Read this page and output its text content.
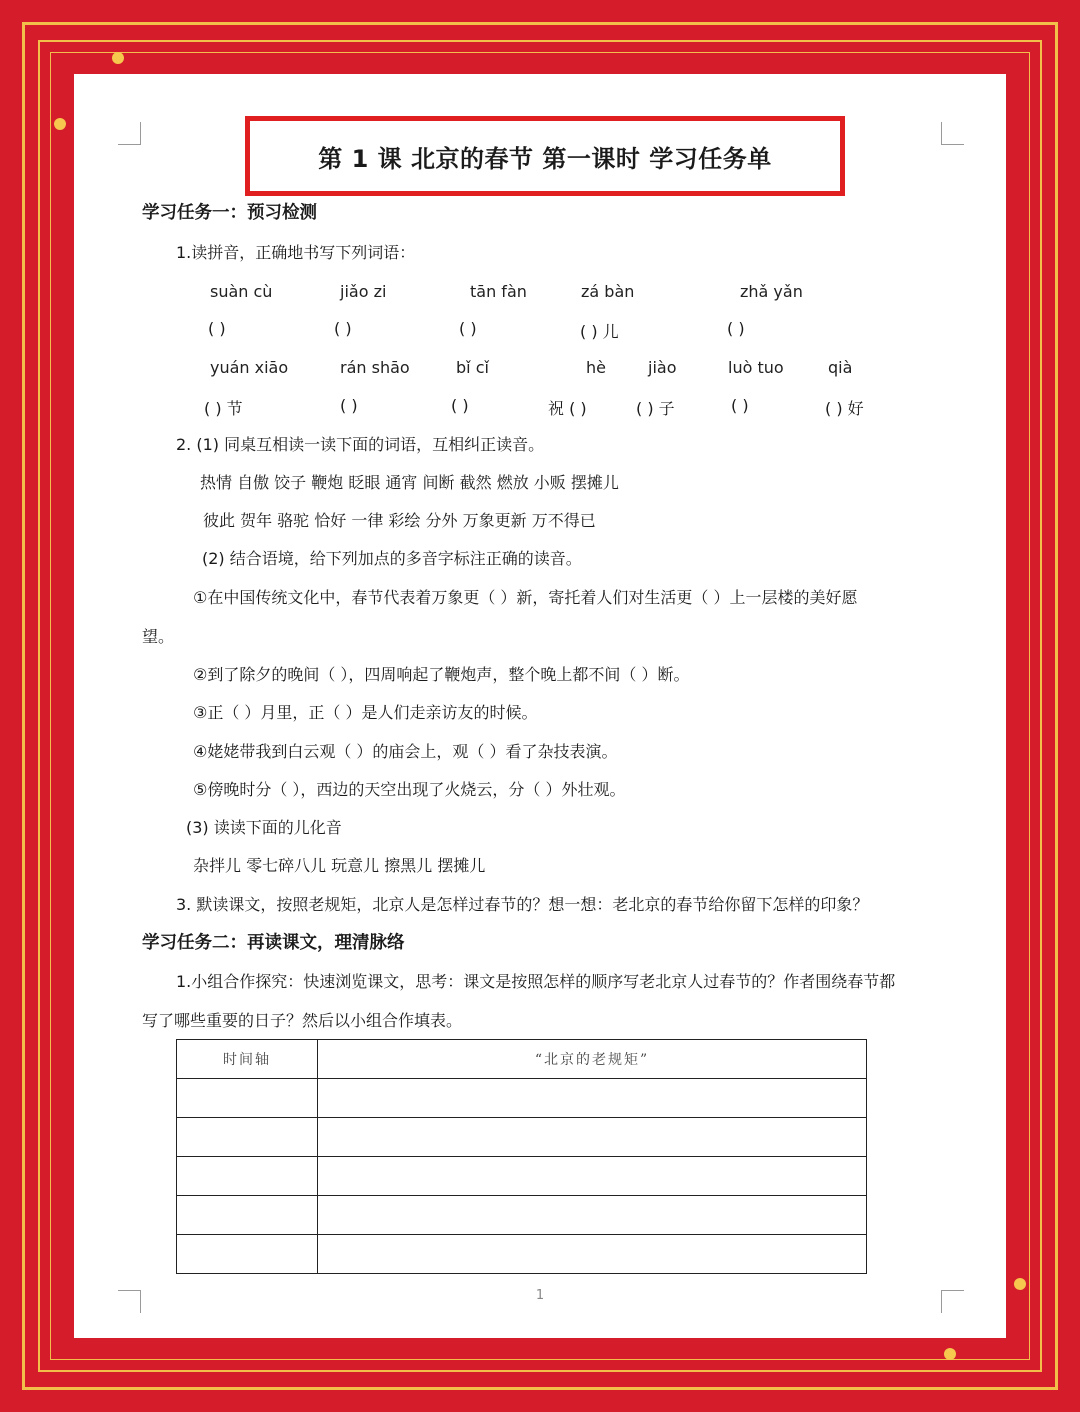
第 1 课 北京的春节 第一课时 学习任务单
学习任务一：预习检测
1.读拼音，正确地书写下列词语：
suàn cù	jiǎo zi	tān fàn	zá bàn	zhǎ yǎn
( )	( )	( )	( ) 儿	( )
yuán xiāo	rán shāo	bǐ cǐ	hè	jiào	luò tuo	qià
( ) 节	( )	( )	祝 ( )	( ) 子	( )	( ) 好
2. (1) 同桌互相读一读下面的词语，互相纠正读音。
热情 自傲 饺子 鞭炮 眨眼 通宵 间断 截然 燃放 小贩 摆摊儿
彼此 贺年 骆驼 恰好 一律 彩绘 分外 万象更新 万不得已
(2) 结合语境，给下列加点的多音字标注正确的读音。
①在中国传统文化中，春节代表着万象更（ ）新，寄托着人们对生活更（ ）上一层楼的美好愿
望。
②到了除夕的晚间（ ），四周响起了鞭炮声，整个晚上都不间（ ）断。
③正（ ）月里，正（ ）是人们走亲访友的时候。
④姥姥带我到白云观（ ）的庙会上，观（ ）看了杂技表演。
⑤傍晚时分（ ），西边的天空出现了火烧云，分（ ）外壮观。
(3) 读读下面的儿化音
杂拌儿 零七碎八儿 玩意儿 擦黑儿 摆摊儿
3. 默读课文，按照老规矩，北京人是怎样过春节的？想一想：老北京的春节给你留下怎样的印象？
学习任务二：再读课文，理清脉络
1.小组合作探究：快速浏览课文，思考：课文是按照怎样的顺序写老北京人过春节的？作者围绕春节都
写了哪些重要的日子？然后以小组合作填表。
时间轴	“北京的老规矩”

1
